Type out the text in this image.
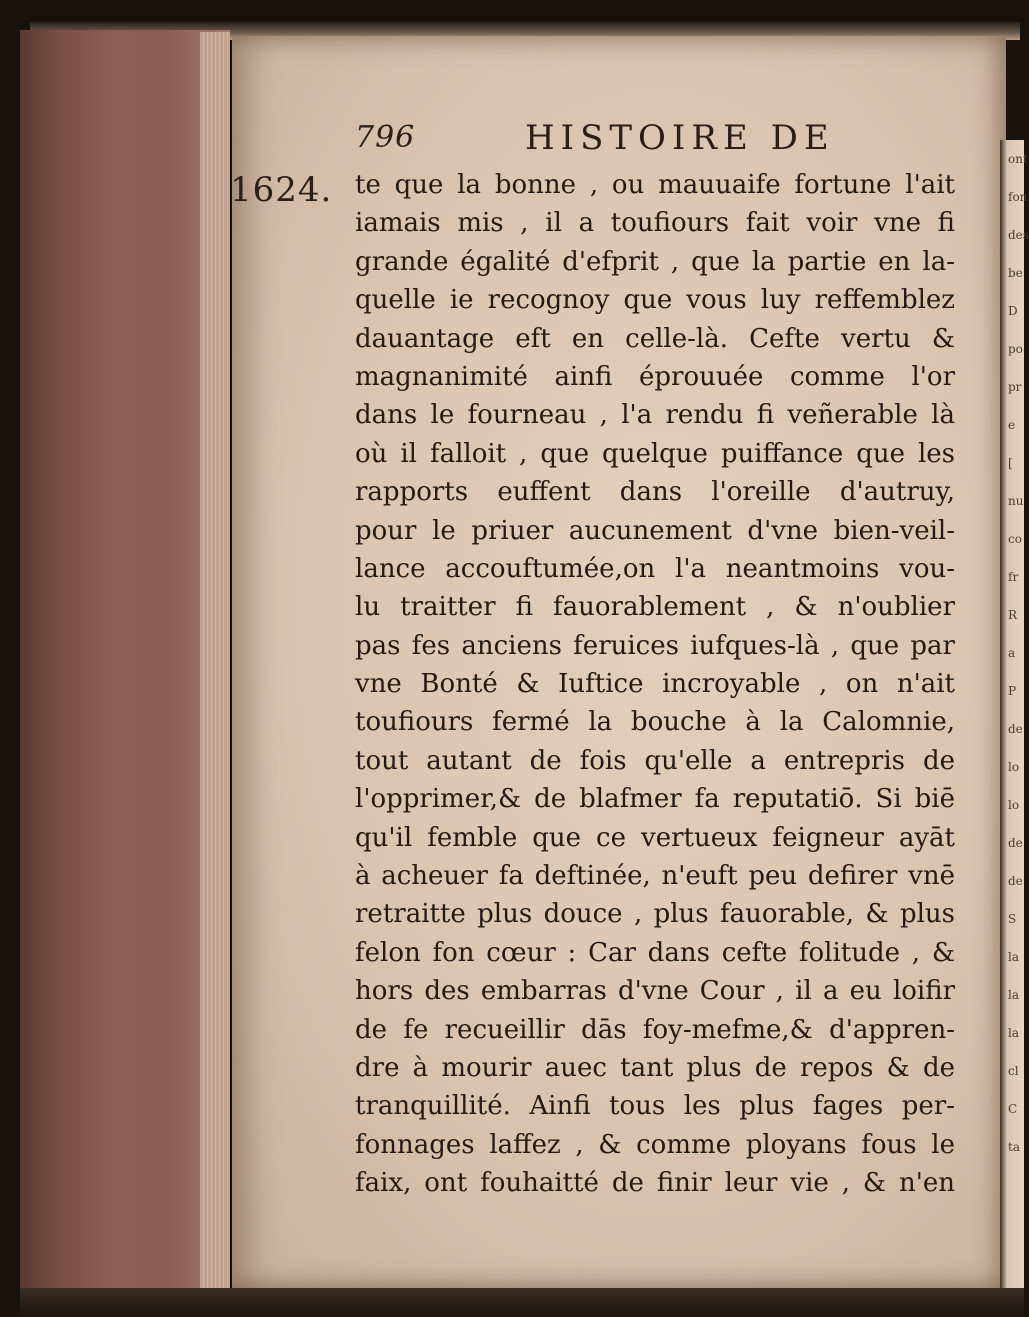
ont
fon
des
be
D
po
pr
e
[
nu
co
fr
R
a
P
de
lo
lo
de
de
S
la
la
la
cl
C
ta
796	HISTOIRE DE
1624. te que la bonne , ou mauuaife fortune l'ait
iamais mis , il a toufiours fait voir vne fi
grande égalité d'efprit , que la partie en la-
quelle ie recognoy que vous luy reffemblez
dauantage eft en celle-là. Cefte vertu &
magnanimité ainfi éprouuée comme l'or
dans le fourneau , l'a rendu fi veñerable là
où il falloit , que quelque puiffance que les
rapports euffent dans l'oreille d'autruy,
pour le priuer aucunement d'vne bien-veil-
lance accouftumée,on l'a neantmoins vou-
lu traitter fi fauorablement , & n'oublier
pas fes anciens feruices iufques-là , que par
vne Bonté & Iuftice incroyable , on n'ait
toufiours fermé la bouche à la Calomnie,
tout autant de fois qu'elle a entrepris de
l'opprimer,& de blafmer fa reputatiō. Si biē
qu'il femble que ce vertueux feigneur ayāt
à acheuer fa deftinée, n'euft peu defirer vnē
retraitte plus douce , plus fauorable, & plus
felon fon cœur : Car dans cefte folitude , &
hors des embarras d'vne Cour , il a eu loifir
de fe recueillir dās foy-mefme,& d'appren-
dre à mourir auec tant plus de repos & de
tranquillité. Ainfi tous les plus fages per-
fonnages laffez , & comme ployans fous le
faix, ont fouhaitté de finir leur vie , & n'en
